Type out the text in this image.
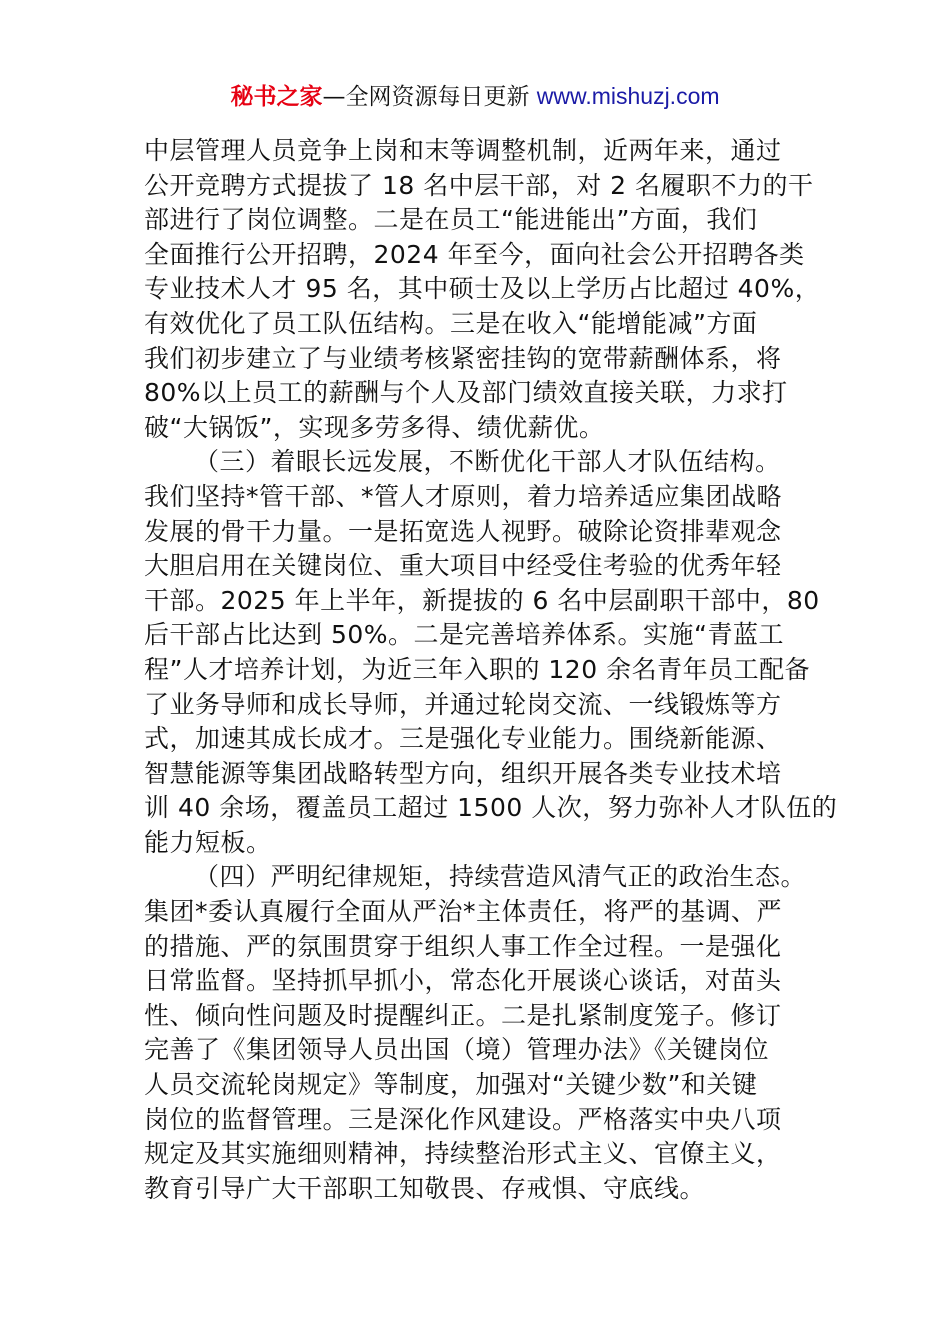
秘书之家—全网资源每日更新 www.mishuzj.com
中层管理人员竞争上岗和末等调整机制，近两年来，通过
公开竞聘方式提拔了 18 名中层干部，对 2 名履职不力的干
部进行了岗位调整。二是在员工“能进能出”方面，我们
全面推行公开招聘，2024 年至今，面向社会公开招聘各类
专业技术人才 95 名，其中硕士及以上学历占比超过 40%，
有效优化了员工队伍结构。三是在收入“能增能减”方面
我们初步建立了与业绩考核紧密挂钩的宽带薪酬体系，将
80%以上员工的薪酬与个人及部门绩效直接关联，力求打
破“大锅饭”，实现多劳多得、绩优薪优。
（三）着眼长远发展，不断优化干部人才队伍结构。
我们坚持*管干部、*管人才原则，着力培养适应集团战略
发展的骨干力量。一是拓宽选人视野。破除论资排辈观念
大胆启用在关键岗位、重大项目中经受住考验的优秀年轻
干部。2025 年上半年，新提拔的 6 名中层副职干部中，80
后干部占比达到 50%。二是完善培养体系。实施“青蓝工
程”人才培养计划，为近三年入职的 120 余名青年员工配备
了业务导师和成长导师，并通过轮岗交流、一线锻炼等方
式，加速其成长成才。三是强化专业能力。围绕新能源、
智慧能源等集团战略转型方向，组织开展各类专业技术培
训 40 余场，覆盖员工超过 1500 人次，努力弥补人才队伍的
能力短板。
（四）严明纪律规矩，持续营造风清气正的政治生态。
集团*委认真履行全面从严治*主体责任，将严的基调、严
的措施、严的氛围贯穿于组织人事工作全过程。一是强化
日常监督。坚持抓早抓小，常态化开展谈心谈话，对苗头
性、倾向性问题及时提醒纠正。二是扎紧制度笼子。修订
完善了《集团领导人员出国（境）管理办法》《关键岗位
人员交流轮岗规定》等制度，加强对“关键少数”和关键
岗位的监督管理。三是深化作风建设。严格落实中央八项
规定及其实施细则精神，持续整治形式主义、官僚主义，
教育引导广大干部职工知敬畏、存戒惧、守底线。
